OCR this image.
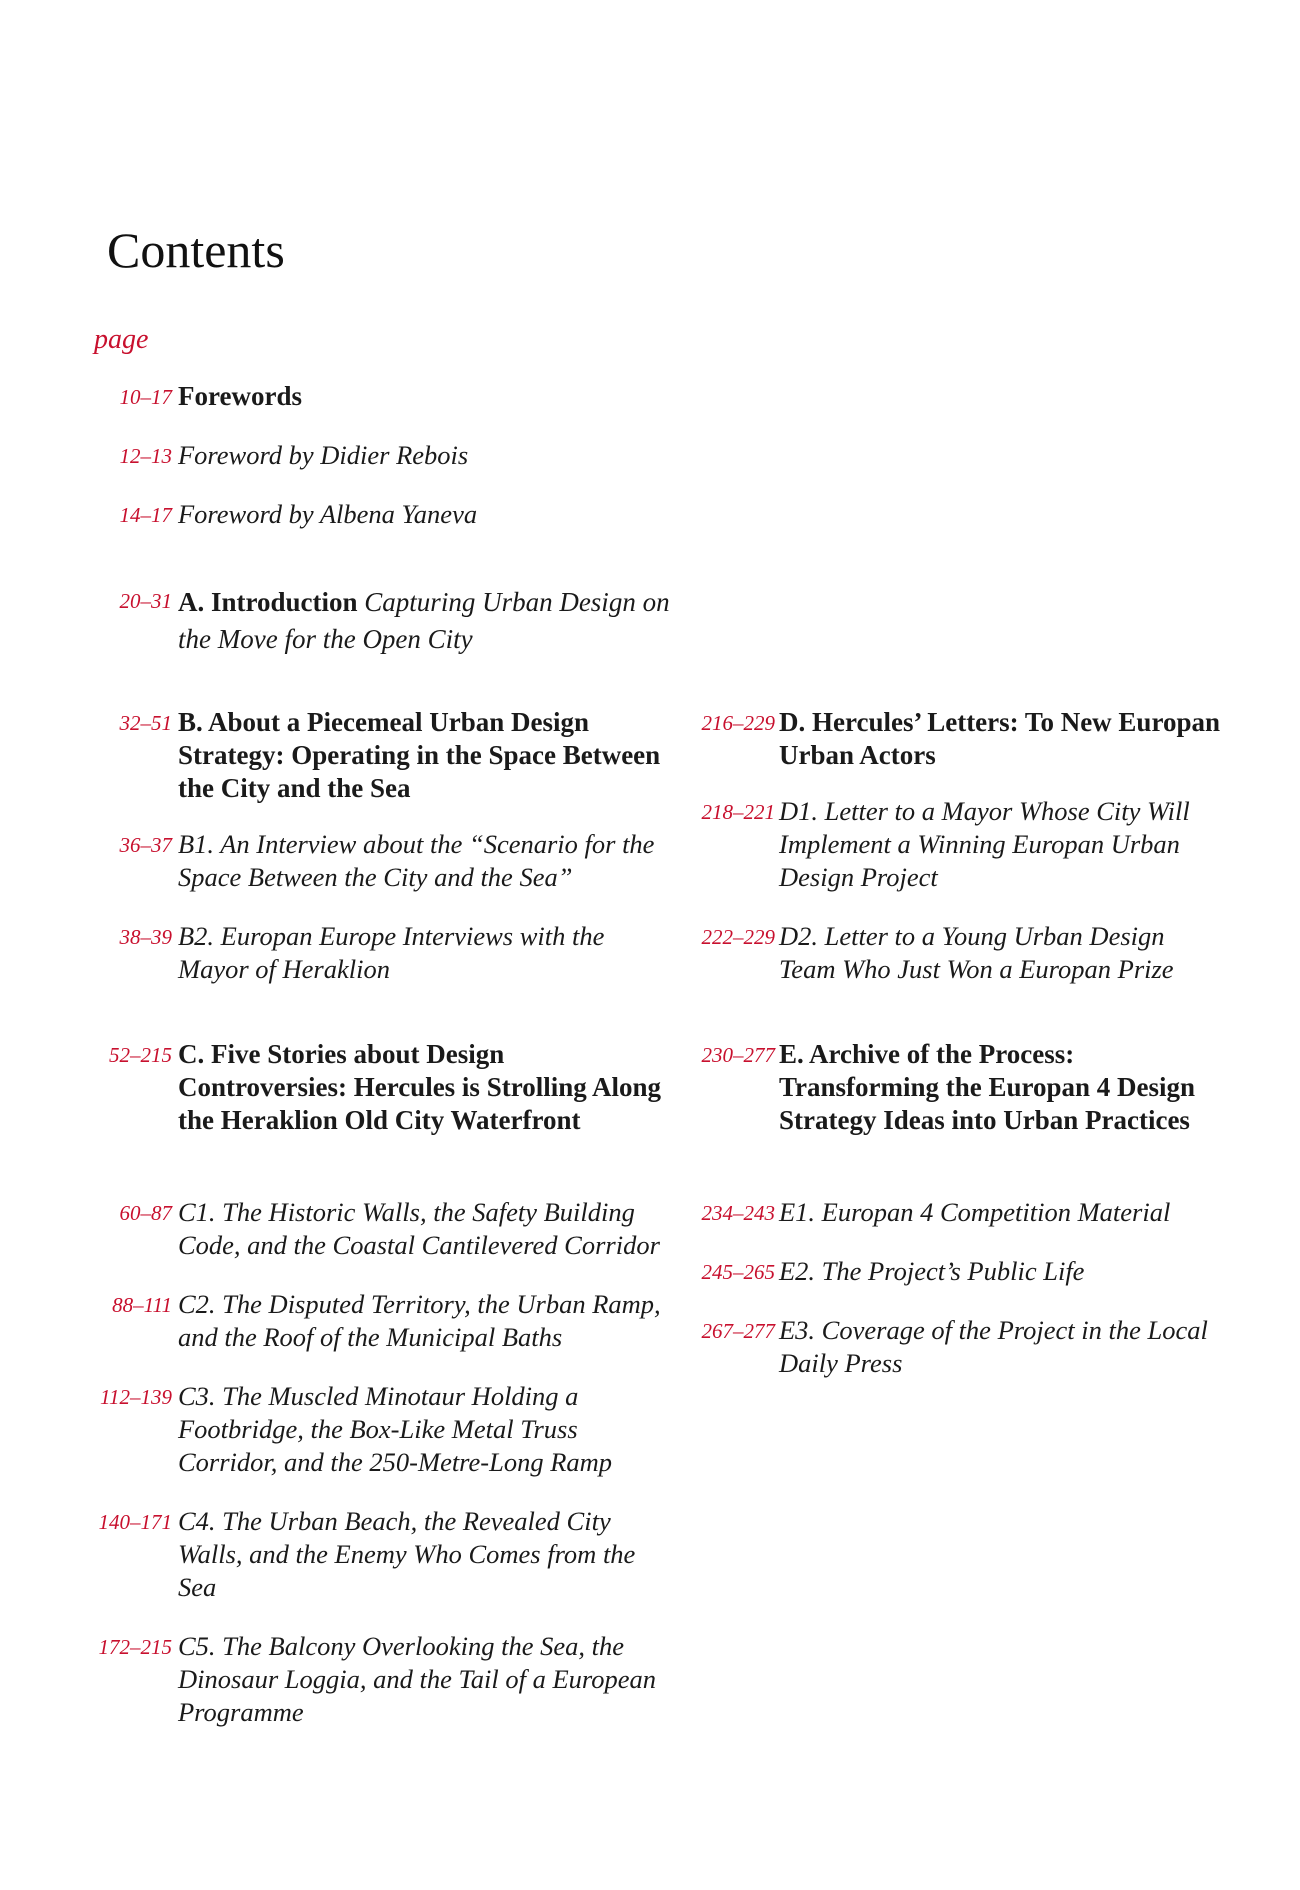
Contents
page
10–17 Forewords
12–13 Foreword by Didier Rebois
14–17 Foreword by Albena Yaneva
20–31 A. Introduction Capturing Urban Design on the Move for the Open City
32–51 B. About a Piecemeal Urban Design Strategy: Operating in the Space Between the City and the Sea
36–37 B1. An Interview about the “Scenario for the Space Between the City and the Sea”
38–39 B2. Europan Europe Interviews with the Mayor of Heraklion
52–215 C. Five Stories about Design Controversies: Hercules is Strolling Along the Heraklion Old City Waterfront
60–87 C1. The Historic Walls, the Safety Building Code, and the Coastal Cantilevered Corridor
88–111 C2. The Disputed Territory, the Urban Ramp, and the Roof of the Municipal Baths
112–139 C3. The Muscled Minotaur Holding a Footbridge, the Box-Like Metal Truss Corridor, and the 250-Metre-Long Ramp
140–171 C4. The Urban Beach, the Revealed City Walls, and the Enemy Who Comes from the Sea
172–215 C5. The Balcony Overlooking the Sea, the Dinosaur Loggia, and the Tail of a European Programme
216–229 D. Hercules’ Letters: To New Europan Urban Actors
218–221 D1. Letter to a Mayor Whose City Will Implement a Winning Europan Urban Design Project
222–229 D2. Letter to a Young Urban Design Team Who Just Won a Europan Prize
230–277 E. Archive of the Process: Transforming the Europan 4 Design Strategy Ideas into Urban Practices
234–243 E1. Europan 4 Competition Material
245–265 E2. The Project’s Public Life
267–277 E3. Coverage of the Project in the Local Daily Press
